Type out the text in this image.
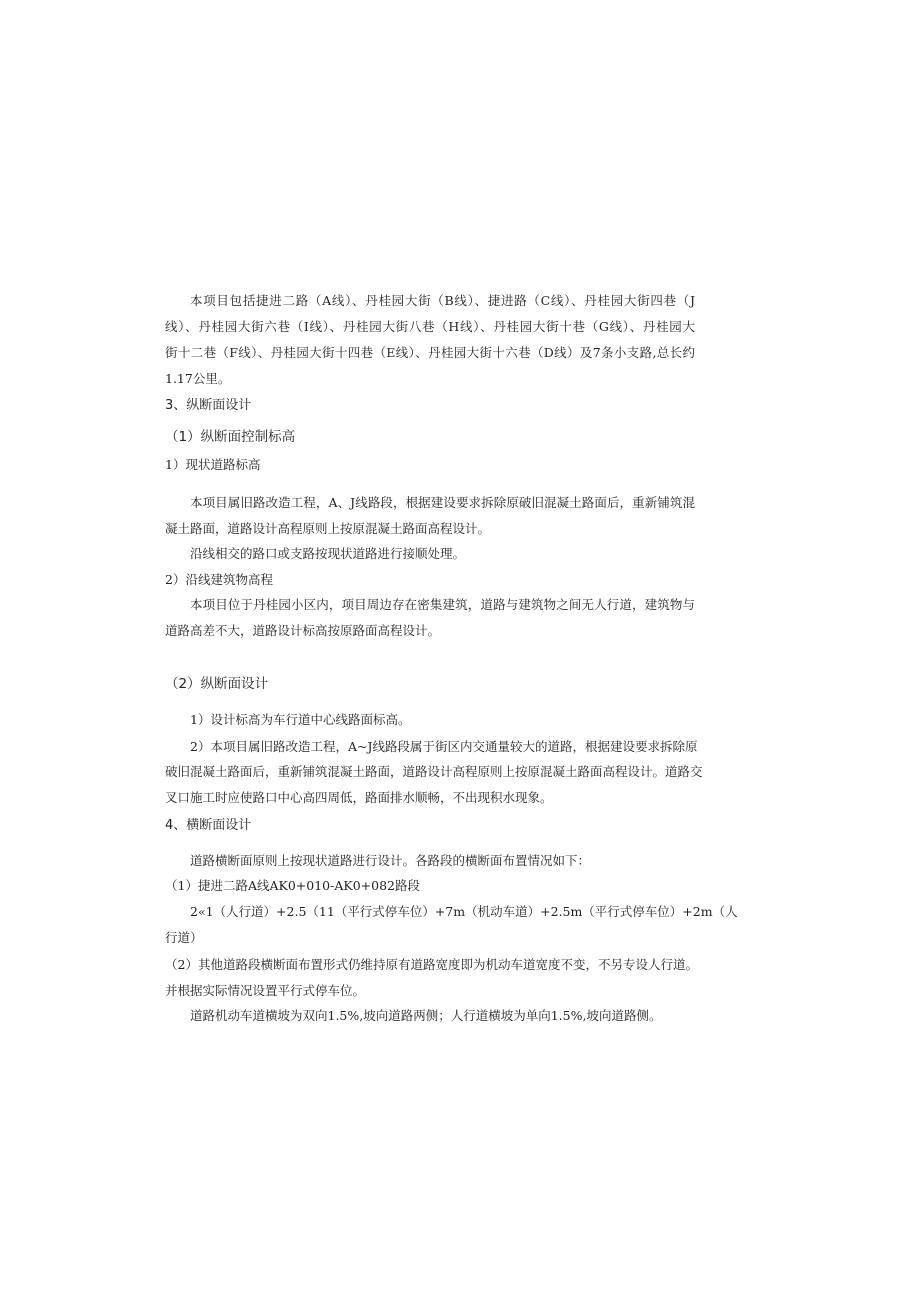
本项目包括捷进二路（A线）、丹桂园大街（B线）、捷进路（C线）、丹桂园大街四巷（J
线）、丹桂园大街六巷（I线）、丹桂园大街八巷（H线）、丹桂园大街十巷（G线）、丹桂园大
街十二巷（F线）、丹桂园大街十四巷（E线）、丹桂园大街十六巷（D线）及7条小支路,总长约
1.17公里。
3、纵断面设计
（1）纵断面控制标高
1）现状道路标高
本项目属旧路改造工程，A、J线路段，根据建设要求拆除原破旧混凝土路面后，重新铺筑混
凝土路面，道路设计高程原则上按原混凝土路面高程设计。
沿线相交的路口或支路按现状道路进行接顺处理。
2）沿线建筑物高程
本项目位于丹桂园小区内，项目周边存在密集建筑，道路与建筑物之间无人行道，建筑物与
道路高差不大，道路设计标高按原路面高程设计。
（2）纵断面设计
1）设计标高为车行道中心线路面标高。
2）本项目属旧路改造工程，A~J线路段属于街区内交通量较大的道路，根据建设要求拆除原
破旧混凝土路面后，重新铺筑混凝土路面，道路设计高程原则上按原混凝土路面高程设计。道路交
叉口施工时应使路口中心高四周低，路面排水顺畅，不出现积水现象。
4、横断面设计
道路横断面原则上按现状道路进行设计。各路段的横断面布置情况如下：
（1）捷进二路A线AK0+010-AK0+082路段
2«1（人行道）+2.5（11（平行式停车位）+7m（机动车道）+2.5m（平行式停车位）+2m（人
行道）
（2）其他道路段横断面布置形式仍维持原有道路宽度即为机动车道宽度不变，不另专设人行道。
并根据实际情况设置平行式停车位。
道路机动车道横坡为双向1.5%,坡向道路两侧；人行道横坡为单向1.5%,坡向道路侧。
